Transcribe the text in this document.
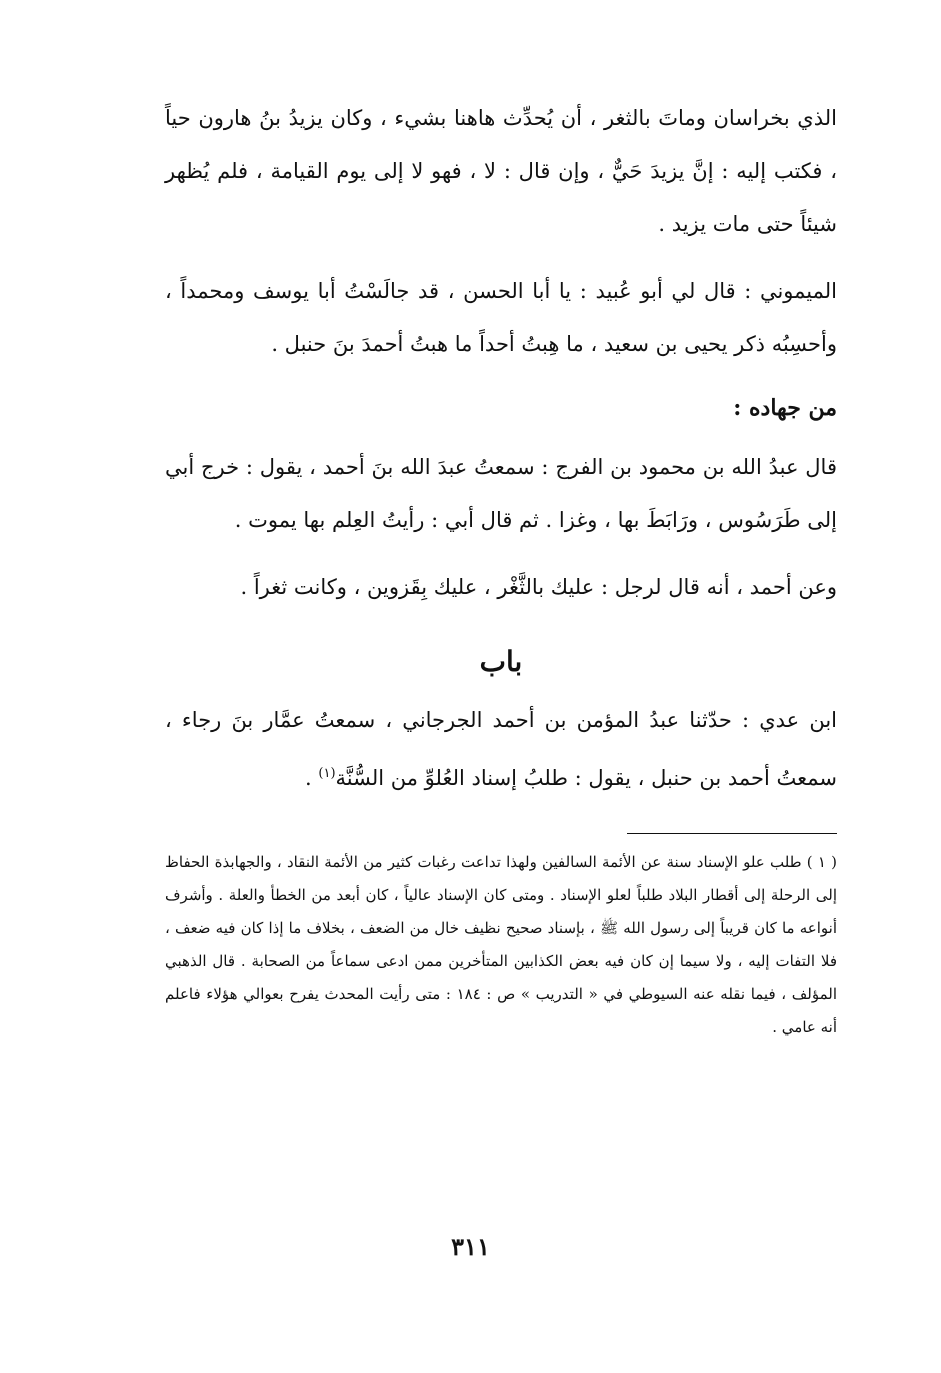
الذي بخراسان وماتَ بالثغر ، أن يُحدِّث هاهنا بشيء ، وكان يزيدُ بنُ هارون حياً ، فكتب إليه : إنَّ يزيدَ حَيٌّ ، وإن قال : لا ، فهو لا إلى يوم القيامة ، فلم يُظهر شيئاً حتى مات يزيد .

الميموني : قال لي أبو عُبيد : يا أبا الحسن ، قد جالَسْتُ أبا يوسف ومحمداً ، وأحسِبُه ذكر يحيى بن سعيد ، ما هِبتُ أحداً ما هبتُ أحمدَ بنَ حنبل .

من جهاده :

قال عبدُ الله بن محمود بن الفرج : سمعتُ عبدَ الله بنَ أحمد ، يقول : خرج أبي إلى طَرَسُوس ، ورَابَطَ بها ، وغزا . ثم قال أبي : رأيتُ العِلم بها يموت .

وعن أحمد ، أنه قال لرجل : عليك بالثَّغْر ، عليك بِقَزوين ، وكانت ثغراً .

باب

ابن عدي : حدّثنا عبدُ المؤمن بن أحمد الجرجاني ، سمعتُ عمَّار بنَ رجاء ، سمعتُ أحمد بن حنبل ، يقول : طلبُ إسناد العُلوِّ من السُّنَّة$^{(١)}$ .

( ١ ) طلب علو الإسناد سنة عن الأئمة السالفين ولهذا تداعت رغبات كثير من الأئمة النقاد ، والجهابذة الحفاظ إلى الرحلة إلى أقطار البلاد طلباً لعلو الإسناد . ومتى كان الإسناد عالياً ، كان أبعد من الخطأ والعلة . وأشرف أنواعه ما كان قريباً إلى رسول الله ﷺ ، بإسناد صحيح نظيف خال من الضعف ، بخلاف ما إذا كان فيه ضعف ، فلا التفات إليه ، ولا سيما إن كان فيه بعض الكذابين المتأخرين ممن ادعى سماعاً من الصحابة . قال الذهبي المؤلف ، فيما نقله عنه السيوطي في « التدريب » ص : ١٨٤ : متى رأيت المحدث يفرح بعوالي هؤلاء فاعلم أنه عامي .

٣١١
